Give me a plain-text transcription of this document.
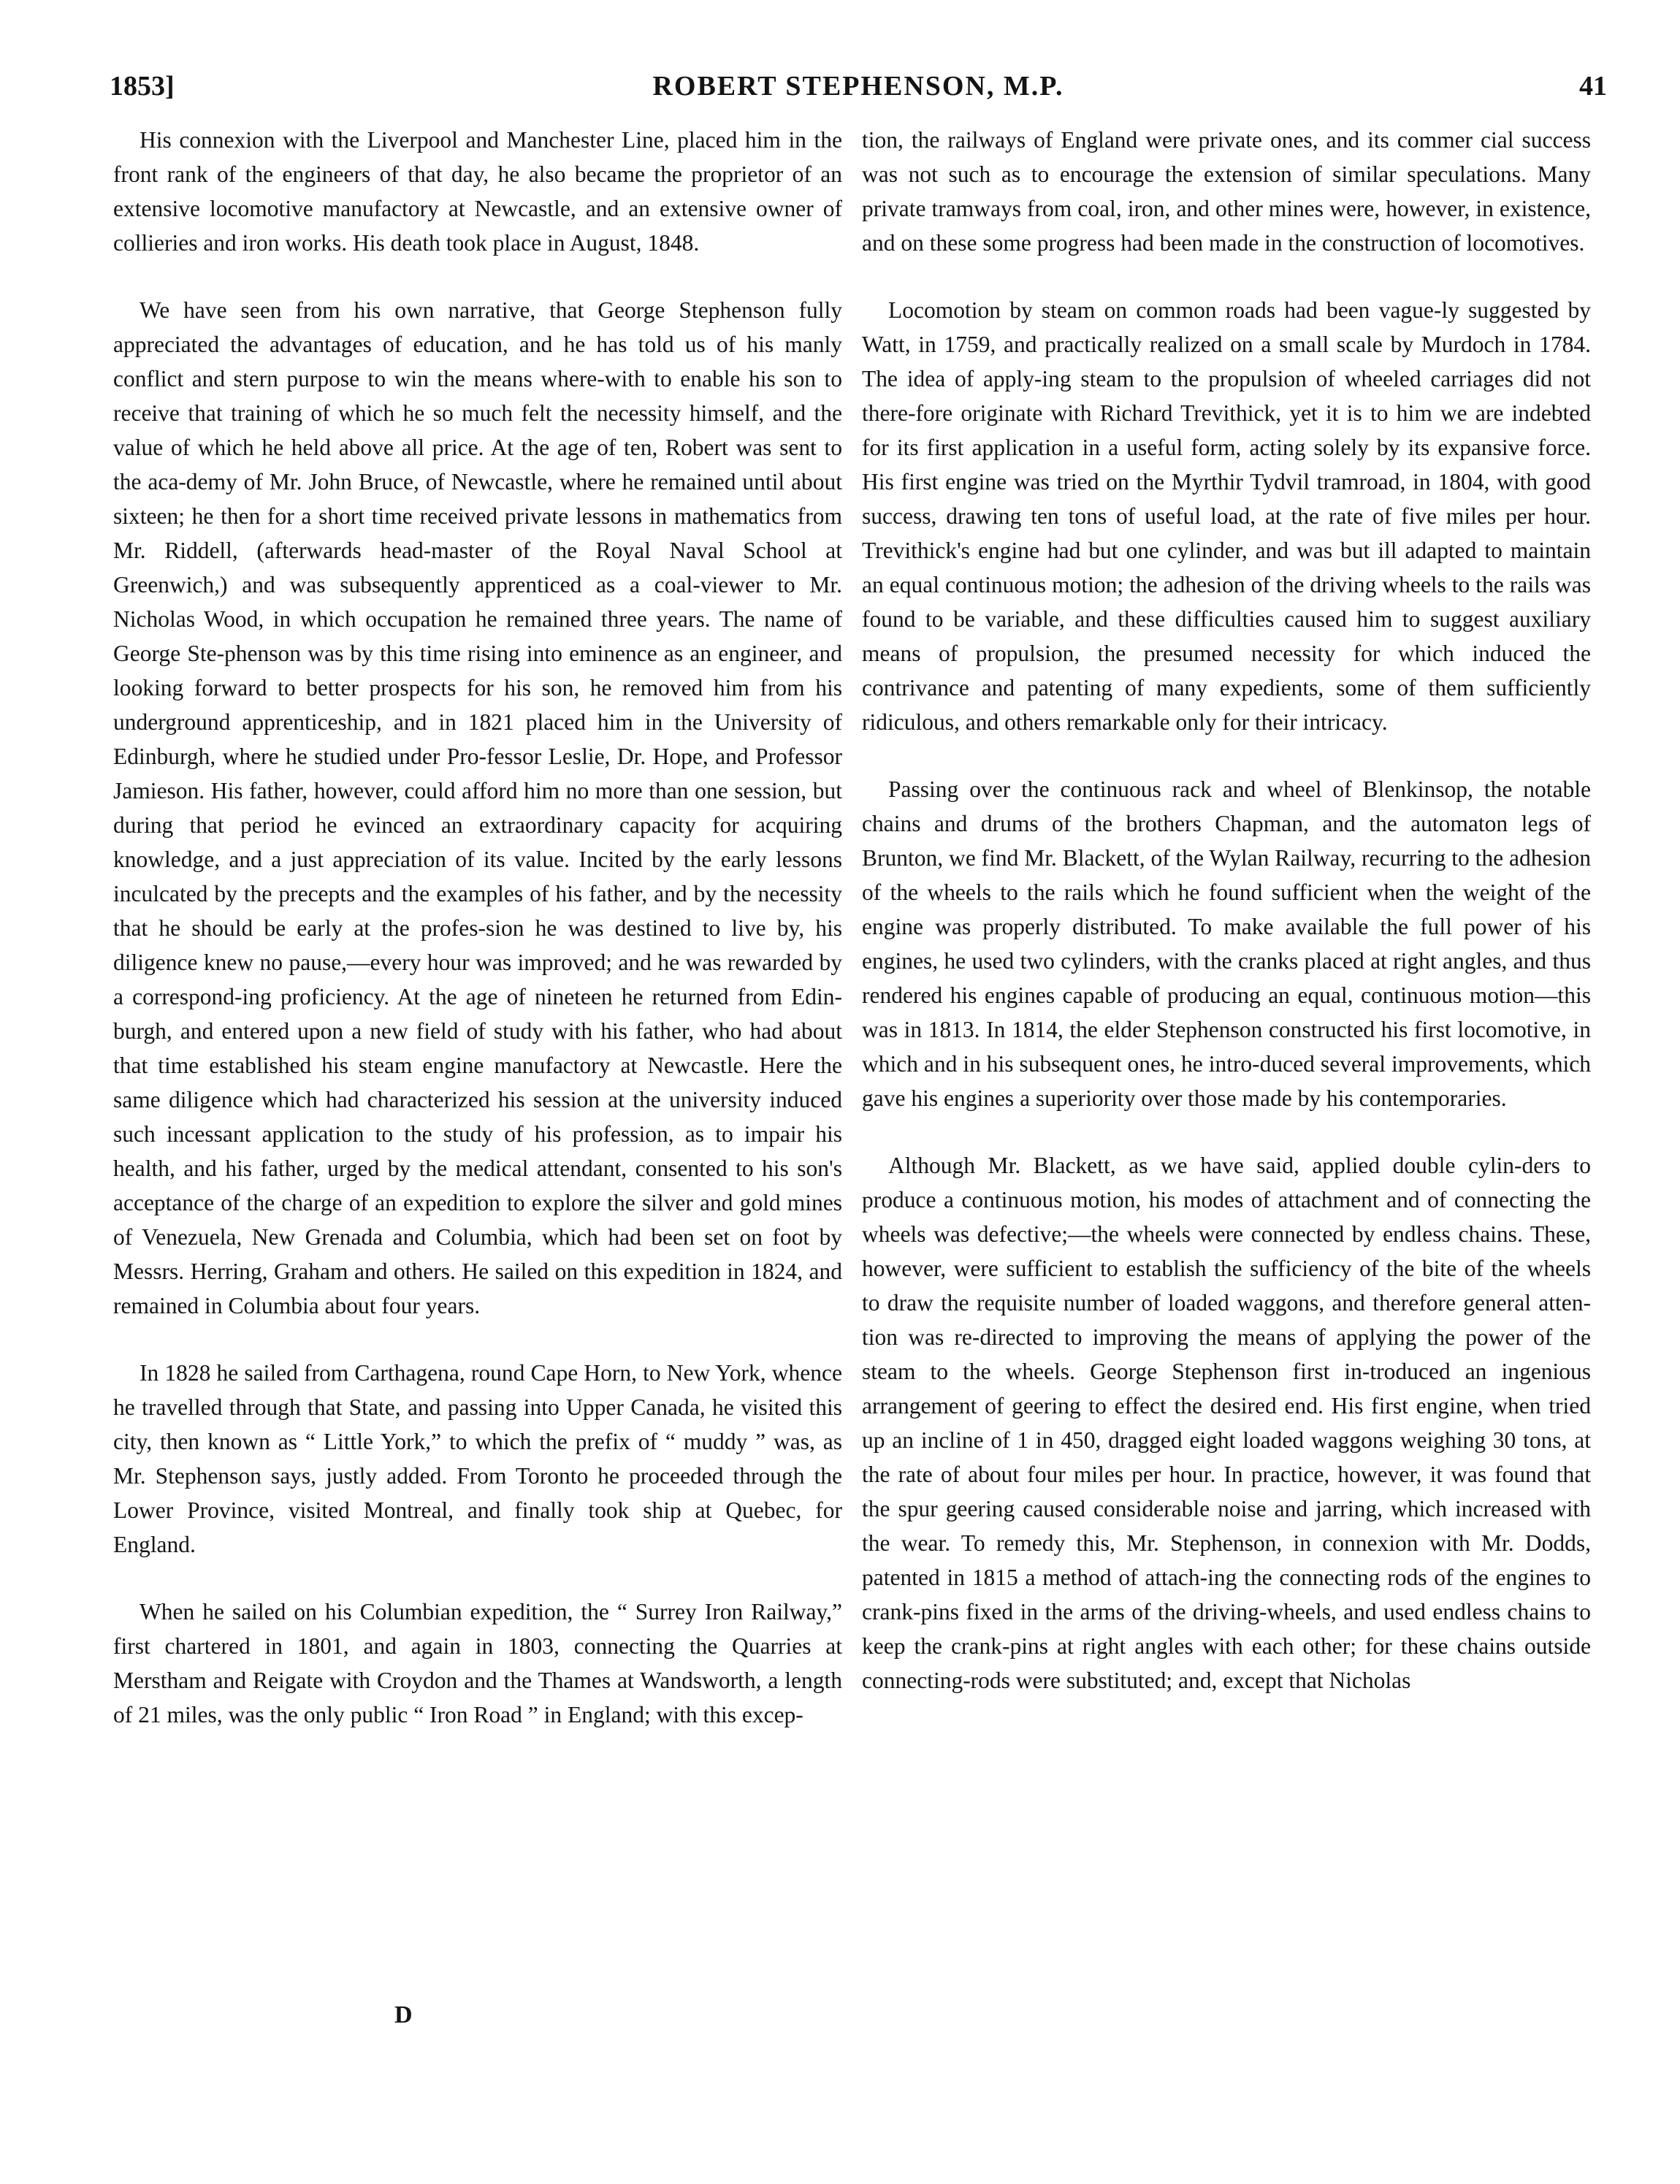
1853]	ROBERT STEPHENSON, M.P.	41

His connexion with the Liverpool and Manchester Line, placed him in the front rank of the engineers of that day, he also became the proprietor of an extensive locomotive manufactory at Newcastle, and an extensive owner of collieries and iron works. His death took place in August, 1848.

We have seen from his own narrative, that George Stephenson fully appreciated the advantages of education, and he has told us of his manly conflict and stern purpose to win the means where-with to enable his son to receive that training of which he so much felt the necessity himself, and the value of which he held above all price. At the age of ten, Robert was sent to the aca-demy of Mr. John Bruce, of Newcastle, where he remained until about sixteen; he then for a short time received private lessons in mathematics from Mr. Riddell, (afterwards head-master of the Royal Naval School at Greenwich,) and was subsequently apprenticed as a coal-viewer to Mr. Nicholas Wood, in which occupation he remained three years. The name of George Ste-phenson was by this time rising into eminence as an engineer, and looking forward to better prospects for his son, he removed him from his underground apprenticeship, and in 1821 placed him in the University of Edinburgh, where he studied under Pro-fessor Leslie, Dr. Hope, and Professor Jamieson. His father, however, could afford him no more than one session, but during that period he evinced an extraordinary capacity for acquiring knowledge, and a just appreciation of its value. Incited by the early lessons inculcated by the precepts and the examples of his father, and by the necessity that he should be early at the profes-sion he was destined to live by, his diligence knew no pause,—every hour was improved; and he was rewarded by a correspond-ing proficiency. At the age of nineteen he returned from Edin-burgh, and entered upon a new field of study with his father, who had about that time established his steam engine manufactory at Newcastle. Here the same diligence which had characterized his session at the university induced such incessant application to the study of his profession, as to impair his health, and his father, urged by the medical attendant, consented to his son's acceptance of the charge of an expedition to explore the silver and gold mines of Venezuela, New Grenada and Columbia, which had been set on foot by Messrs. Herring, Graham and others. He sailed on this expedition in 1824, and remained in Columbia about four years.

In 1828 he sailed from Carthagena, round Cape Horn, to New York, whence he travelled through that State, and passing into Upper Canada, he visited this city, then known as “ Little York,” to which the prefix of “ muddy ” was, as Mr. Stephenson says, justly added. From Toronto he proceeded through the Lower Province, visited Montreal, and finally took ship at Quebec, for England.

When he sailed on his Columbian expedition, the “ Surrey Iron Railway,” first chartered in 1801, and again in 1803, connecting the Quarries at Merstham and Reigate with Croydon and the Thames at Wandsworth, a length of 21 miles, was the only public “ Iron Road ” in England; with this excep-

D

tion, the railways of England were private ones, and its commer cial success was not such as to encourage the extension of similar speculations. Many private tramways from coal, iron, and other mines were, however, in existence, and on these some progress had been made in the construction of locomotives.

Locomotion by steam on common roads had been vague-ly suggested by Watt, in 1759, and practically realized on a small scale by Murdoch in 1784. The idea of apply-ing steam to the propulsion of wheeled carriages did not there-fore originate with Richard Trevithick, yet it is to him we are indebted for its first application in a useful form, acting solely by its expansive force. His first engine was tried on the Myrthir Tydvil tramroad, in 1804, with good success, drawing ten tons of useful load, at the rate of five miles per hour. Trevithick's engine had but one cylinder, and was but ill adapted to maintain an equal continuous motion; the adhesion of the driving wheels to the rails was found to be variable, and these difficulties caused him to suggest auxiliary means of propulsion, the presumed necessity for which induced the contrivance and patenting of many expedients, some of them sufficiently ridiculous, and others remarkable only for their intricacy.

Passing over the continuous rack and wheel of Blenkinsop, the notable chains and drums of the brothers Chapman, and the automaton legs of Brunton, we find Mr. Blackett, of the Wylan Railway, recurring to the adhesion of the wheels to the rails which he found sufficient when the weight of the engine was properly distributed. To make available the full power of his engines, he used two cylinders, with the cranks placed at right angles, and thus rendered his engines capable of producing an equal, continuous motion—this was in 1813. In 1814, the elder Stephenson constructed his first locomotive, in which and in his subsequent ones, he intro-duced several improvements, which gave his engines a superiority over those made by his contemporaries.

Although Mr. Blackett, as we have said, applied double cylin-ders to produce a continuous motion, his modes of attachment and of connecting the wheels was defective;—the wheels were connected by endless chains. These, however, were sufficient to establish the sufficiency of the bite of the wheels to draw the requisite number of loaded waggons, and therefore general atten-tion was re-directed to improving the means of applying the power of the steam to the wheels. George Stephenson first in-troduced an ingenious arrangement of geering to effect the desired end. His first engine, when tried up an incline of 1 in 450, dragged eight loaded waggons weighing 30 tons, at the rate of about four miles per hour. In practice, however, it was found that the spur geering caused considerable noise and jarring, which increased with the wear. To remedy this, Mr. Stephenson, in connexion with Mr. Dodds, patented in 1815 a method of attach-ing the connecting rods of the engines to crank-pins fixed in the arms of the driving-wheels, and used endless chains to keep the crank-pins at right angles with each other; for these chains outside connecting-rods were substituted; and, except that Nicholas
